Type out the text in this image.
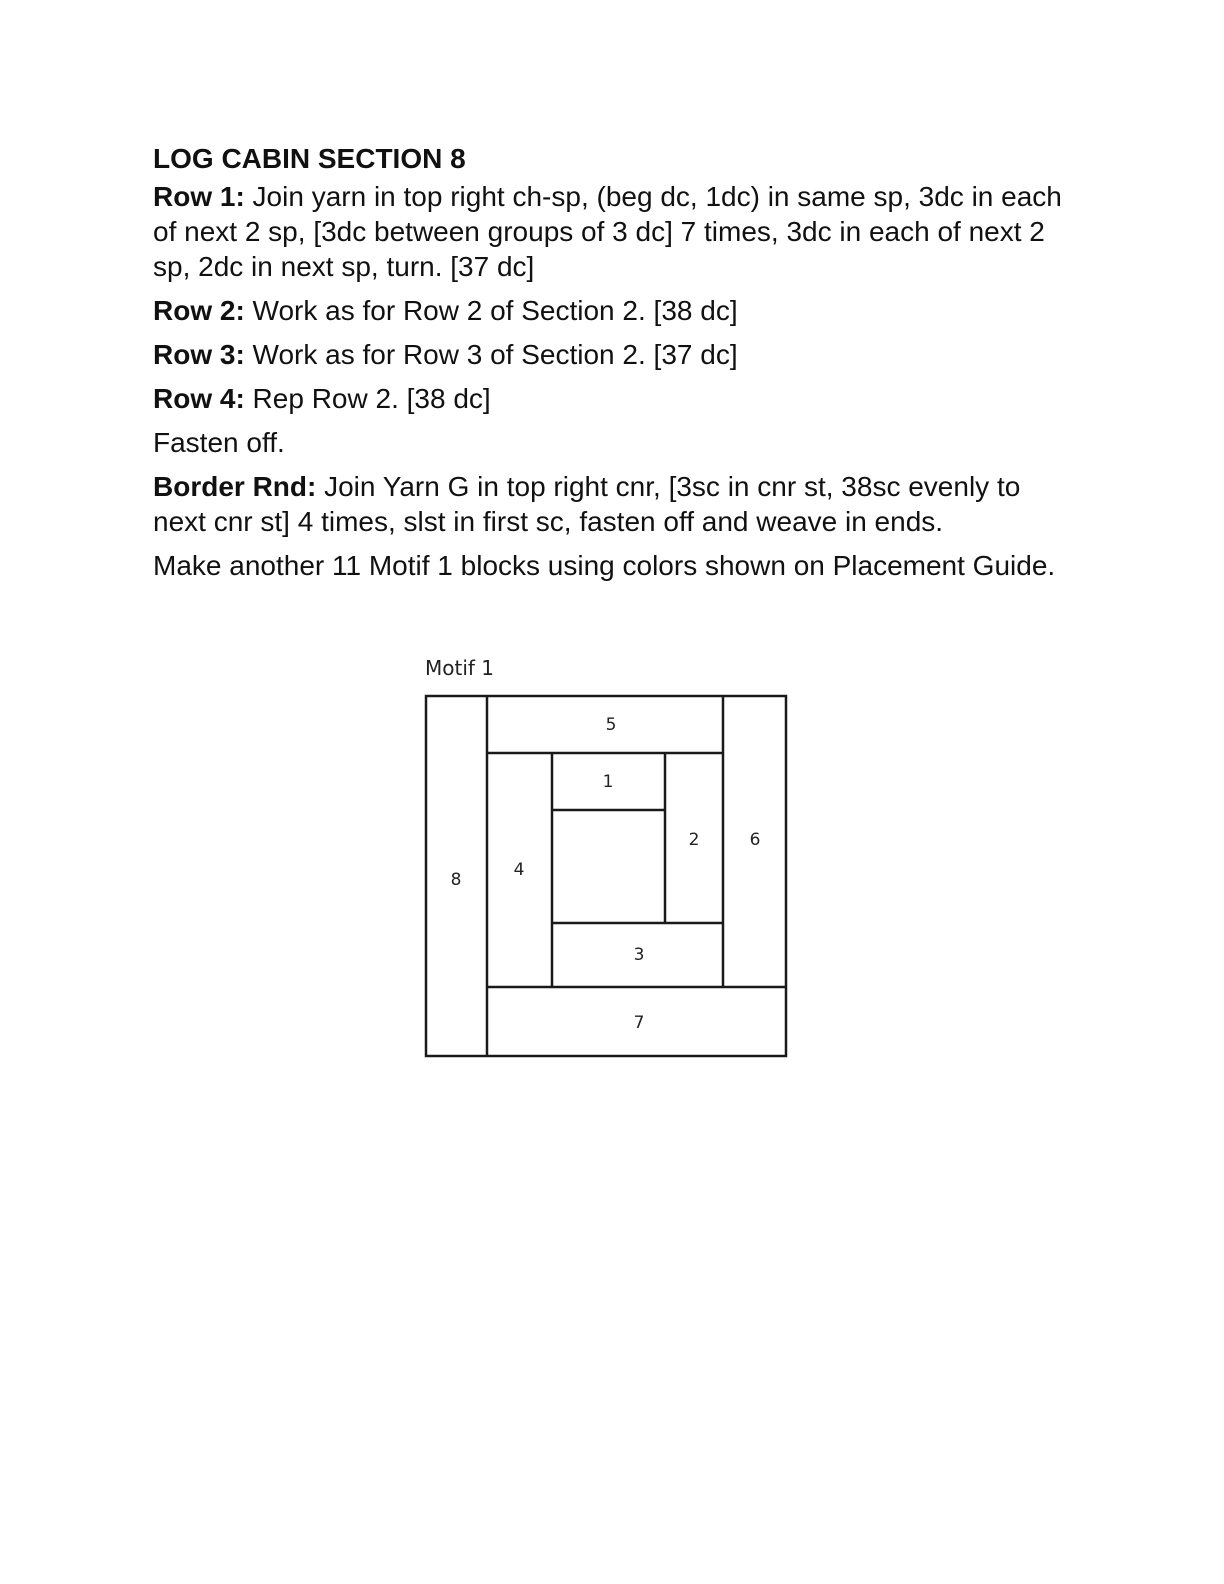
LOG CABIN SECTION 8
Row 1: Join yarn in top right ch-sp, (beg dc, 1dc) in same sp, 3dc in each of next 2 sp, [3dc between groups of 3 dc] 7 times, 3dc in each of next 2 sp, 2dc in next sp, turn. [37 dc]
Row 2: Work as for Row 2 of Section 2. [38 dc]
Row 3: Work as for Row 3 of Section 2. [37 dc]
Row 4: Rep Row 2. [38 dc]
Fasten off.
Border Rnd: Join Yarn G in top right cnr, [3sc in cnr st, 38sc evenly to next cnr st] 4 times, slst in first sc, fasten off and weave in ends.
Make another 11 Motif 1 blocks using colors shown on Placement Guide.
Motif 1
5
1
2	6
4
8
3
7
